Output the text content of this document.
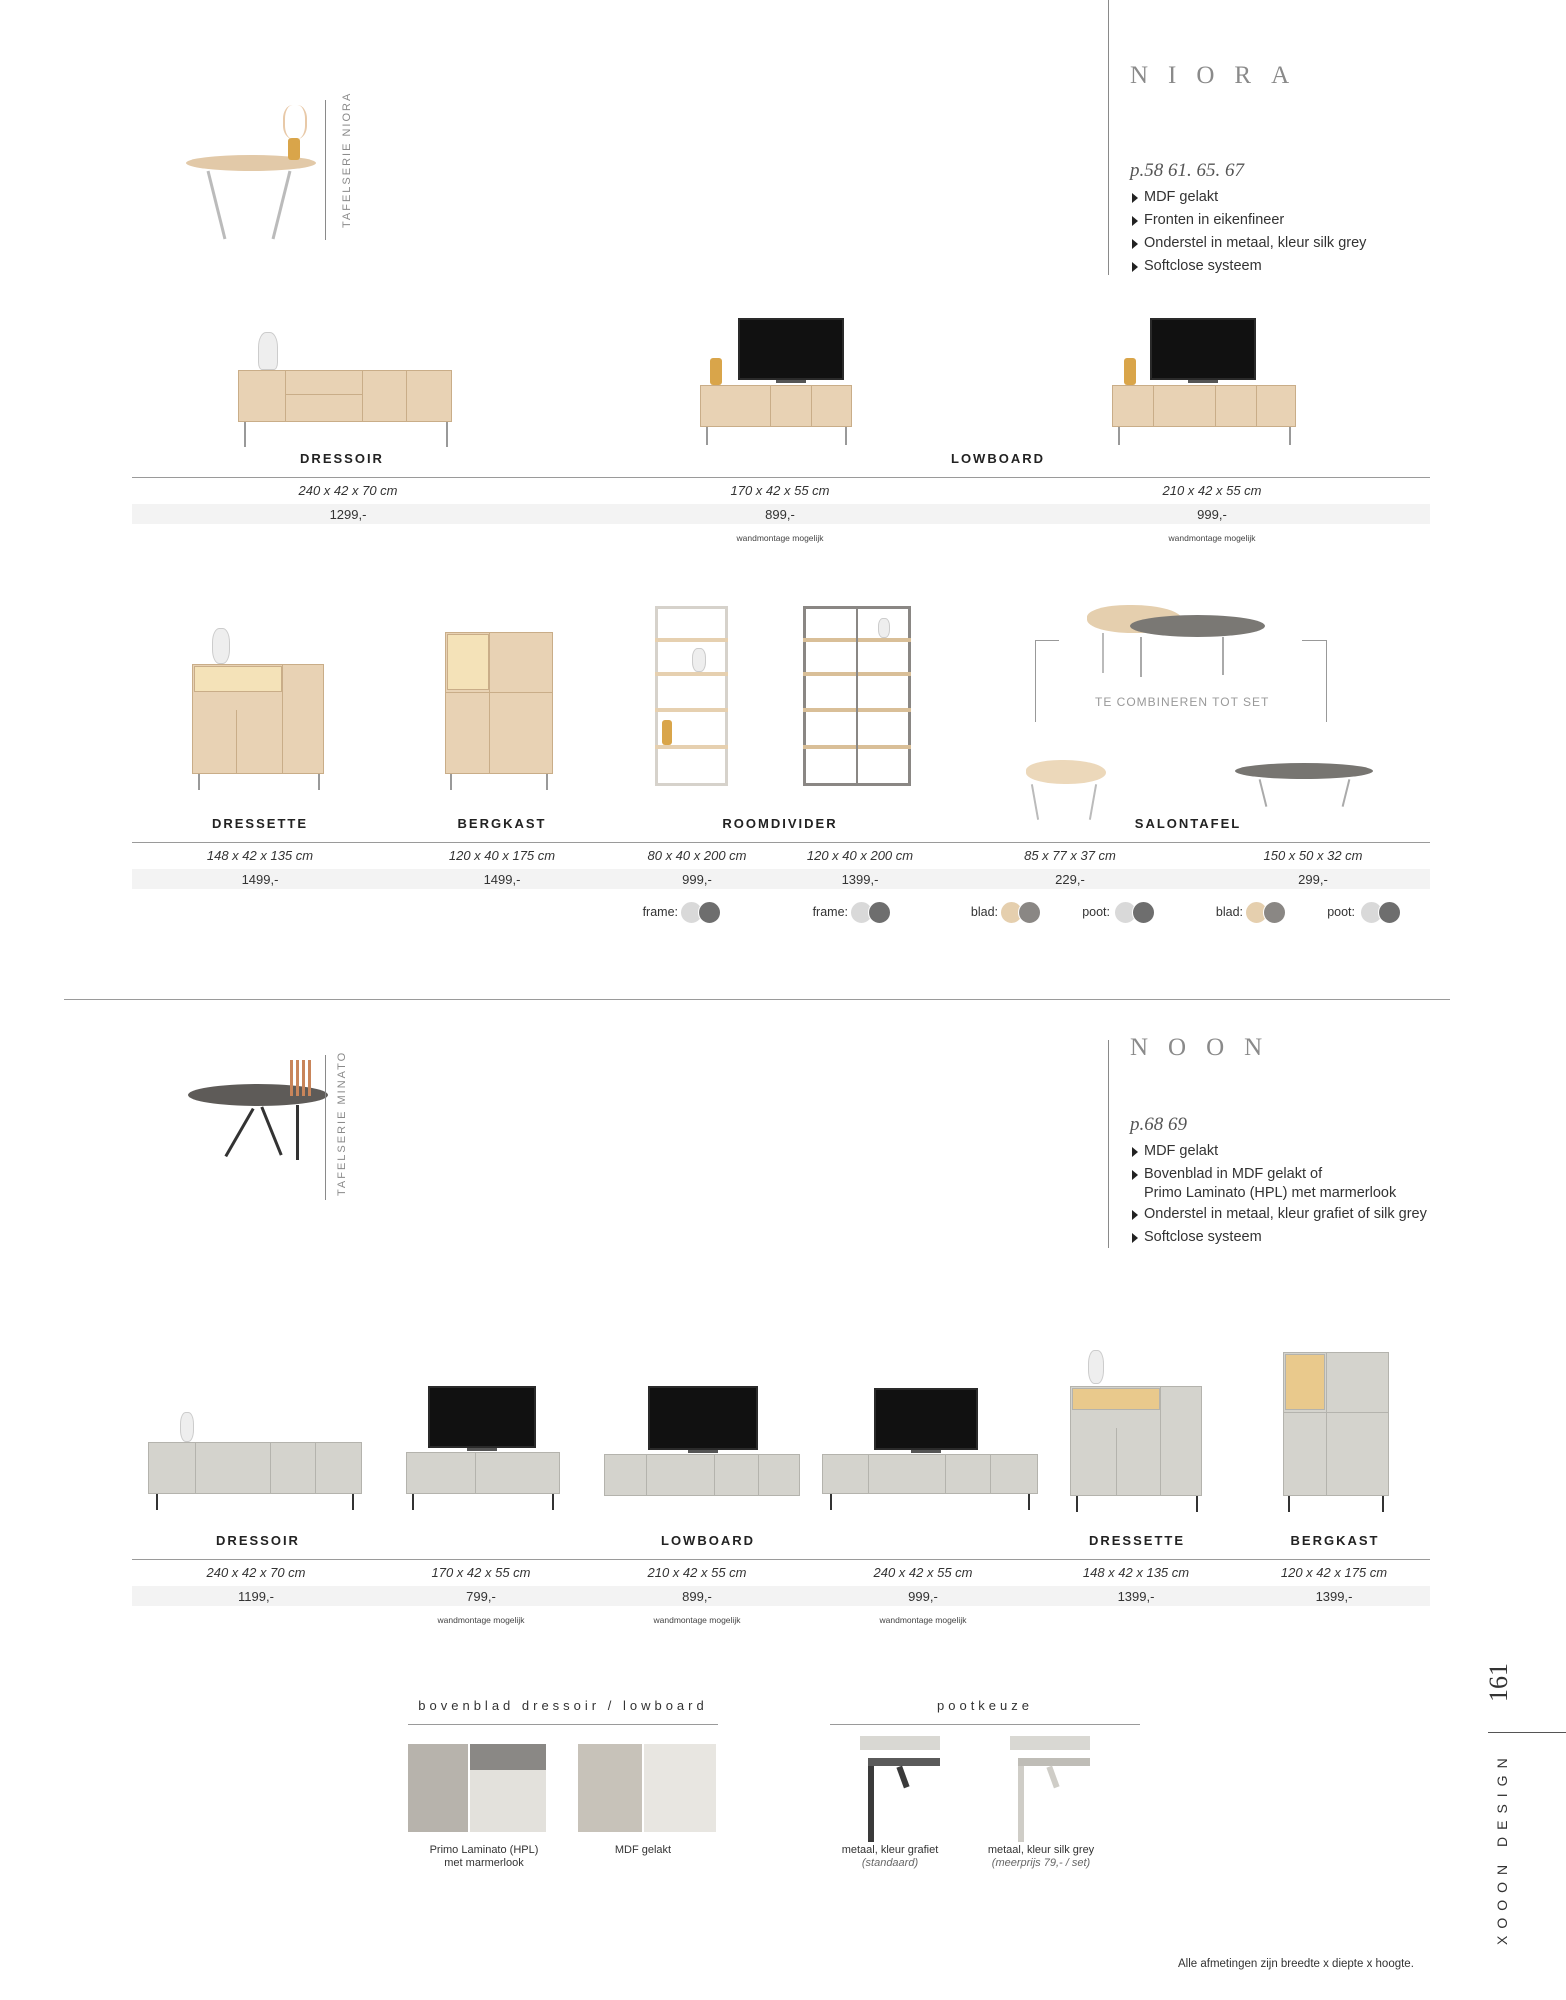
NIORA
p.58 61. 65. 67
MDF gelakt
Fronten in eikenfineer
Onderstel in metaal, kleur silk grey
Softclose systeem
TAFELSERIE NIORA
DRESSOIR	LOWBOARD
240 x 42 x 70 cm	170 x 42 x 55 cm	210 x 42 x 55 cm
1299,-	899,-	999,-
wandmontage mogelijk	wandmontage mogelijk
TE COMBINEREN TOT SET
DRESSETTE	BERGKAST	ROOMDIVIDER	SALONTAFEL
148 x 42 x 135 cm	120 x 40 x 175 cm	80 x 40 x 200 cm	120 x 40 x 200 cm	85 x 77 x 37 cm	150 x 50 x 32 cm
1499,-	1499,-	999,-	1399,-	229,-	299,-
frame:	frame:	blad:	poot:	blad:	poot:
NOON
p.68 69
MDF gelakt
Bovenblad in MDF gelakt of
Primo Laminato (HPL) met marmerlook
Onderstel in metaal, kleur grafiet of silk grey
Softclose systeem
TAFELSERIE MINATO
DRESSOIR	LOWBOARD	DRESSETTE	BERGKAST
240 x 42 x 70 cm	170 x 42 x 55 cm	210 x 42 x 55 cm	240 x 42 x 55 cm	148 x 42 x 135 cm	120 x 42 x 175 cm
1199,-	799,-	899,-	999,-	1399,-	1399,-
wandmontage mogelijk	wandmontage mogelijk	wandmontage mogelijk
bovenblad dressoir / lowboard
Primo Laminato (HPL)
met marmerlook
MDF gelakt
pootkeuze
metaal, kleur grafiet
(standaard)
metaal, kleur silk grey
(meerprijs 79,- / set)
Alle afmetingen zijn breedte x diepte x hoogte.
161
XOOON DESIGN
